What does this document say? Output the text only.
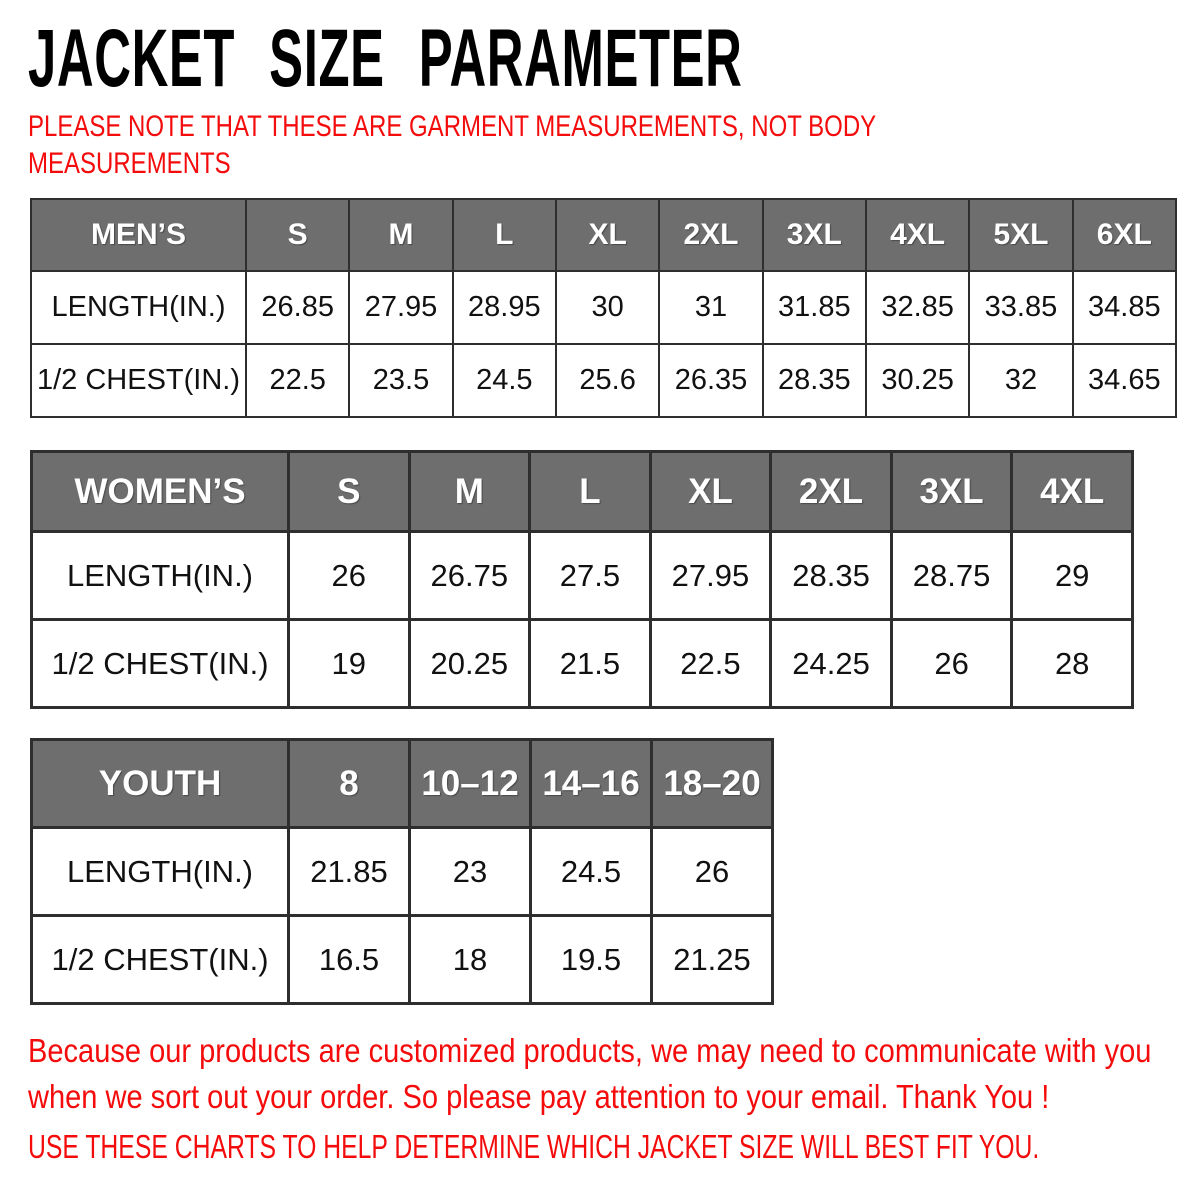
JACKET SIZE PARAMETER
PLEASE NOTE THAT THESE ARE GARMENT MEASUREMENTS, NOT BODY
MEASUREMENTS
MEN’S	S	M	L	XL	2XL	3XL	4XL	5XL	6XL
LENGTH(IN.)	26.85	27.95	28.95	30	31	31.85	32.85	33.85	34.85
1/2 CHEST(IN.)	22.5	23.5	24.5	25.6	26.35	28.35	30.25	32	34.65
WOMEN’S	S	M	L	XL	2XL	3XL	4XL
LENGTH(IN.)	26	26.75	27.5	27.95	28.35	28.75	29
1/2 CHEST(IN.)	19	20.25	21.5	22.5	24.25	26	28
YOUTH	8	10–12	14–16	18–20
LENGTH(IN.)	21.85	23	24.5	26
1/2 CHEST(IN.)	16.5	18	19.5	21.25
Because our products are customized products, we may need to communicate with you
when we sort out your order. So please pay attention to your email. Thank You !
USE THESE CHARTS TO HELP DETERMINE WHICH JACKET SIZE WILL BEST FIT YOU.
